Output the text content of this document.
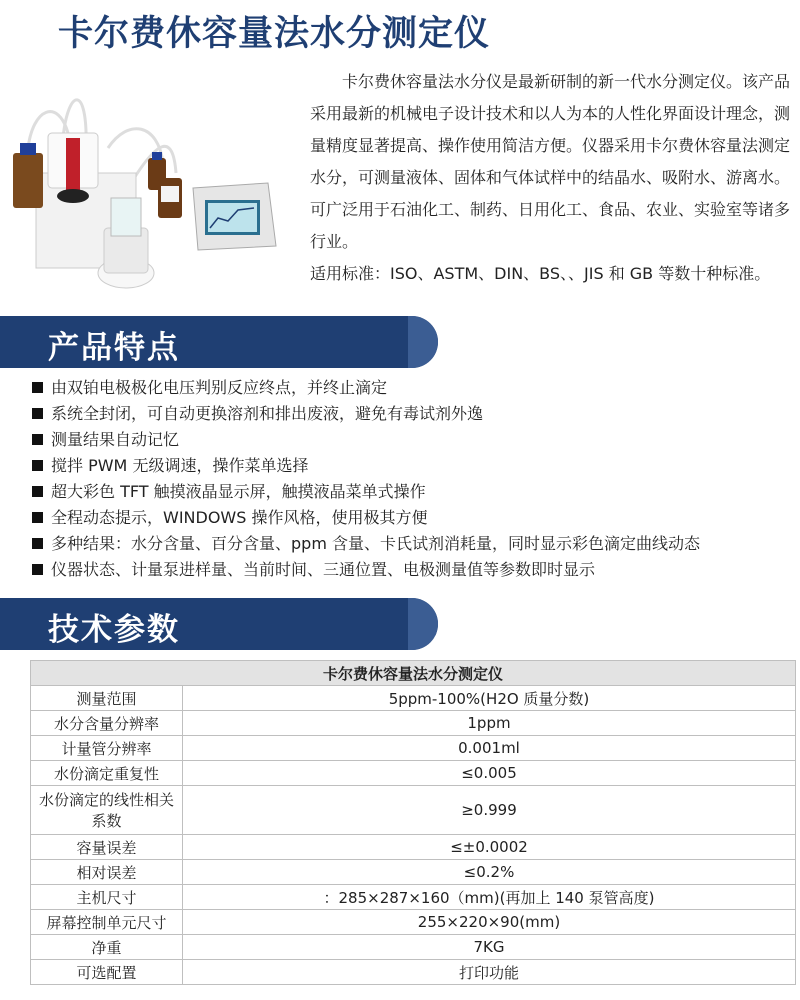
卡尔费休容量法水分测定仪

卡尔费休容量法水分仪是最新研制的新一代水分测定仪。该产品采用最新的机械电子设计技术和以人为本的人性化界面设计理念，测量精度显著提高、操作使用简洁方便。仪器采用卡尔费休容量法测定水分，可测量液体、固体和气体试样中的结晶水、吸附水、游离水。可广泛用于石油化工、制药、日用化工、食品、农业、实验室等诸多行业。

适用标准：ISO、ASTM、DIN、BS、、JIS 和 GB 等数十种标准。

产品特点
由双铂电极极化电压判别反应终点，并终止滴定
系统全封闭，可自动更换溶剂和排出废液，避免有毒试剂外逸
测量结果自动记忆
搅拌 PWM 无级调速，操作菜单选择
超大彩色 TFT 触摸液晶显示屏，触摸液晶菜单式操作
全程动态提示，WINDOWS 操作风格，使用极其方便
多种结果：水分含量、百分含量、ppm 含量、卡氏试剂消耗量，同时显示彩色滴定曲线动态
仪器状态、计量泵进样量、当前时间、三通位置、电极测量值等参数即时显示
技术参数
卡尔费休容量法水分测定仪	
测量范围	5ppm-100%(H2O 质量分数)
水分含量分辨率	1ppm
计量管分辨率	0.001ml
水份滴定重复性	≤0.005
水份滴定的线性相关系数	≥0.999
容量误差	≤±0.0002
相对误差	≤0.2%
主机尺寸	：285×287×160（mm)(再加上 140 泵管高度)
屏幕控制单元尺寸	255×220×90(mm)
净重	7KG
可选配置	打印功能
